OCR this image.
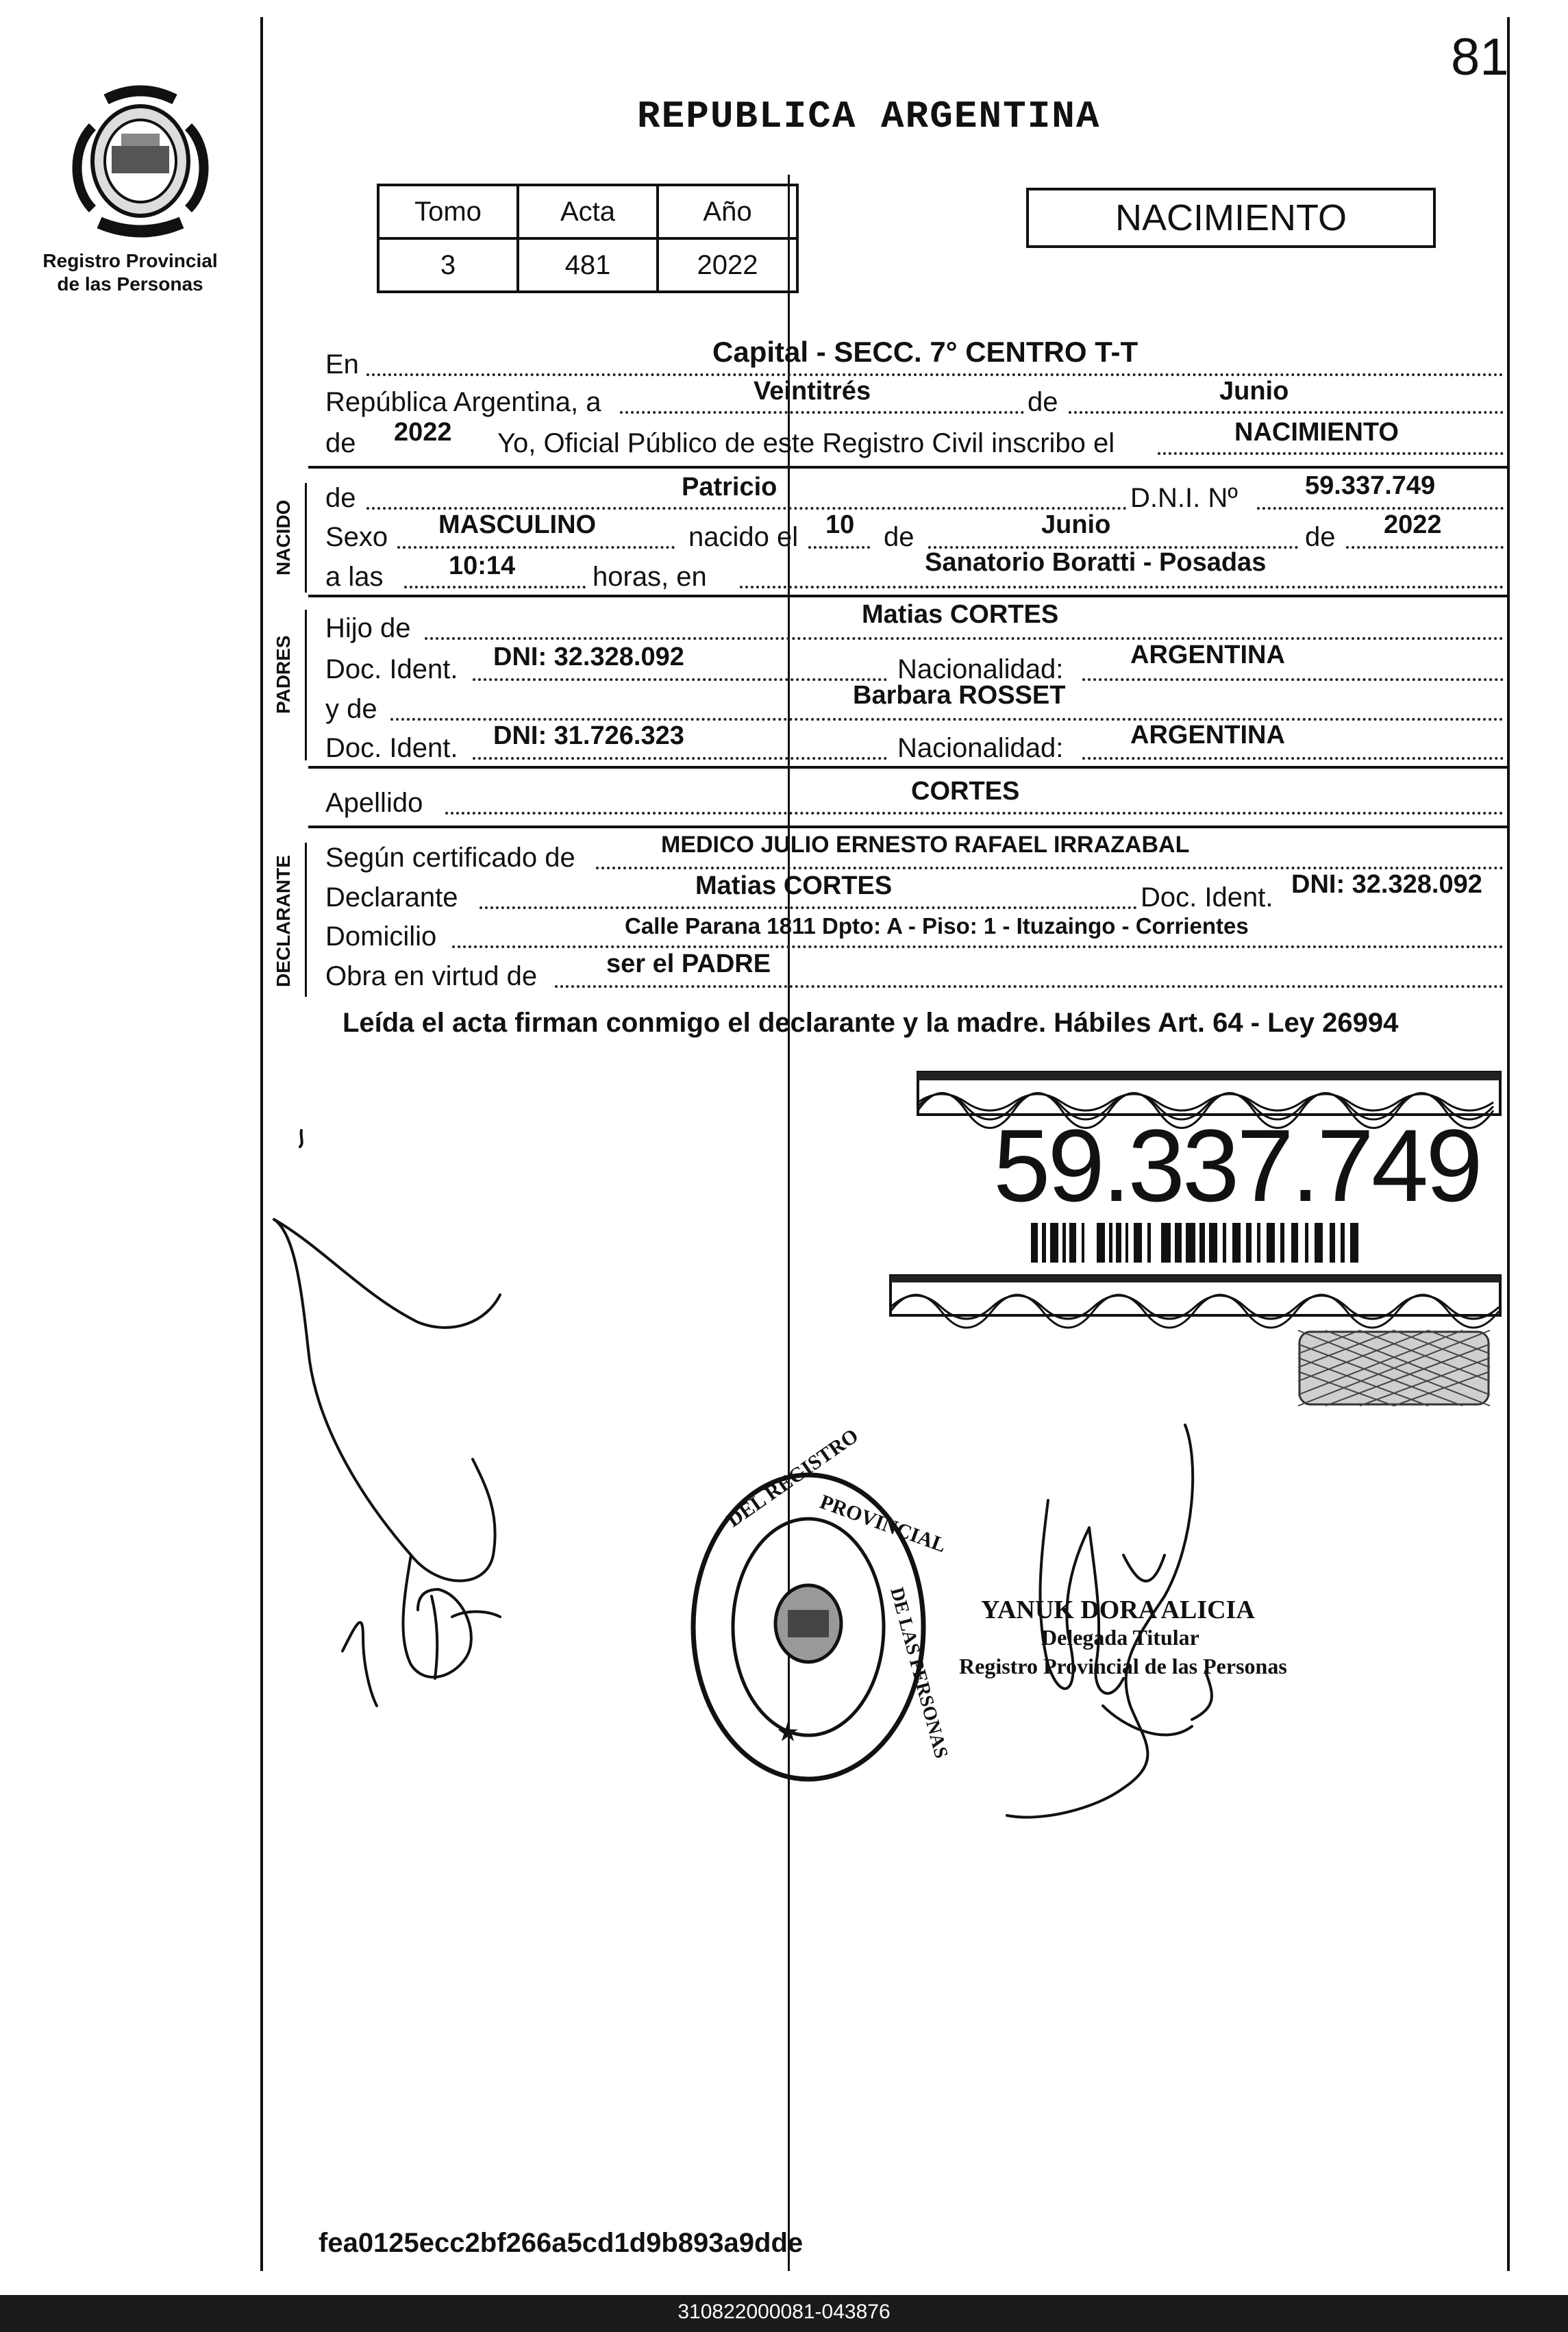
81
Registro Provincial
de las Personas
REPUBLICA ARGENTINA
Tomo	Acta	Año
3	481	2022
NACIMIENTO
En	Capital - SECC. 7° CENTRO T-T
República Argentina, a	Veintitrés	de	Junio
de 2022 Yo, Oficial Público de este Registro Civil inscribo el	NACIMIENTO
NACIDO
de	Patricio	D.N.I. Nº	59.337.749
Sexo MASCULINO	nacido el 10 de	Junio	de 2022
a las	10:14	horas, en	Sanatorio Boratti - Posadas
PADRES
Hijo de	Matias CORTES
Doc. Ident. DNI: 32.328.092	Nacionalidad:	ARGENTINA
y de	Barbara ROSSET
Doc. Ident. DNI: 31.726.323	Nacionalidad:	ARGENTINA
Apellido	CORTES
DECLARANTE Según certificado de	MEDICO JULIO ERNESTO RAFAEL IRRAZABAL
Declarante	Matias CORTES	Doc. Ident. DNI: 32.328.092
Domicilio	Calle Parana 1811 Dpto: A - Piso: 1 - Ituzaingo - Corrientes
Obra en virtud de	ser el PADRE
Leída el acta firman conmigo el declarante y la madre. Hábiles Art. 64 - Ley 26994
59.337.749
DEL REGISTRO
PROVINCIAL
DE LAS PERSONAS
★
YANUK DORA ALICIA
Delegada Titular
Registro Provincial de las Personas
fea0125ecc2bf266a5cd1d9b893a9dde
310822000081-043876
